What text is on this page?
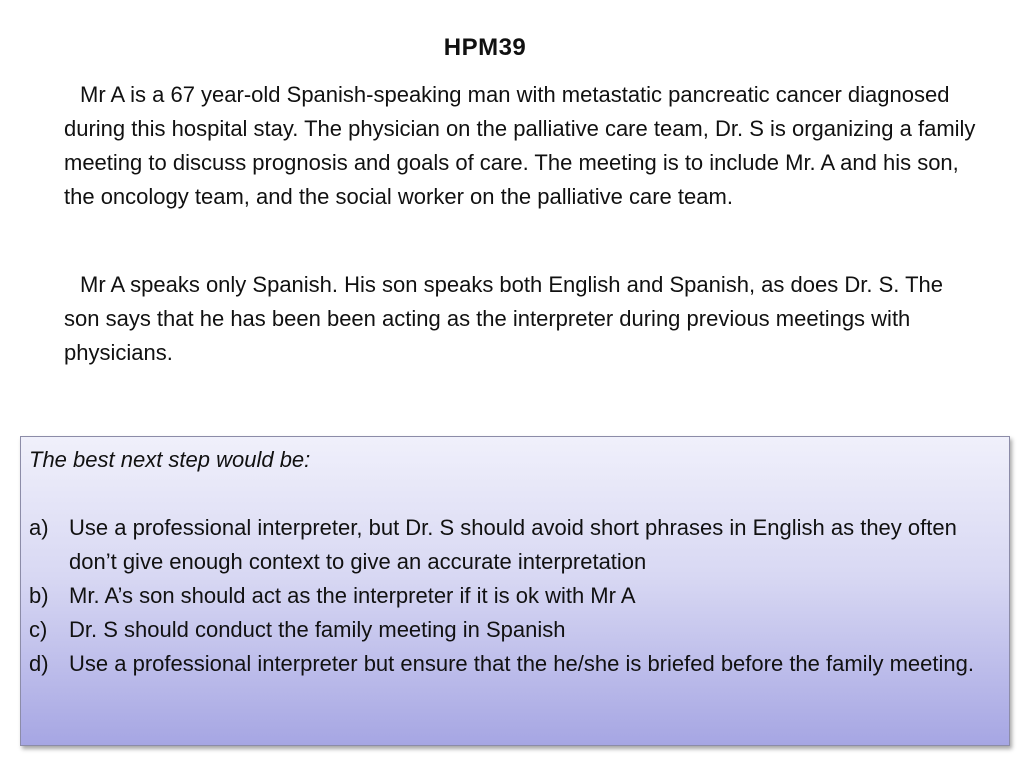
HPM39

Mr A is a 67 year-old Spanish-speaking man with metastatic pancreatic cancer diagnosed during this hospital stay. The physician on the palliative care team, Dr. S is organizing a family meeting to discuss prognosis and goals of care. The meeting is to include Mr. A and his son, the oncology team, and the social worker on the palliative care team.

Mr A speaks only Spanish. His son speaks both English and Spanish, as does Dr. S. The son says that he has been been acting as the interpreter during previous meetings with physicians.

The best next step would be:

a) Use a professional interpreter, but Dr. S should avoid short phrases in English as they often don’t give enough context to give an accurate interpretation
b) Mr. A’s son should act as the interpreter if it is ok with Mr A
c) Dr. S should conduct the family meeting in Spanish
d) Use a professional interpreter but ensure that the he/she is briefed before the family meeting.
